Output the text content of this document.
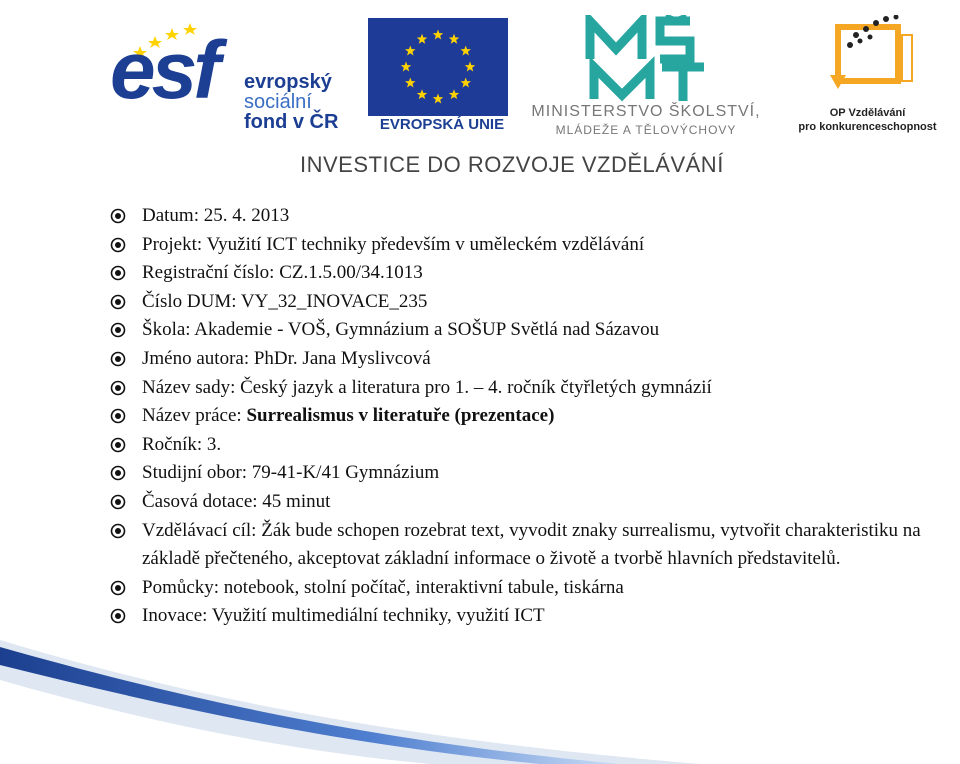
esf evropský
sociální
fond v ČR	EVROPSKÁ UNIE
MINISTERSTVO ŠKOLSTVÍ,
MLÁDEŽE A TĚLOVÝCHOVY
OP Vzdělávání
pro konkurenceschopnost
INVESTICE DO ROZVOJE VZDĚLÁVÁNÍ
Datum: 25. 4. 2013
Projekt: Využití ICT techniky především v uměleckém vzdělávání
Registrační číslo: CZ.1.5.00/34.1013
Číslo DUM: VY_32_INOVACE_235
Škola: Akademie - VOŠ, Gymnázium a SOŠUP Světlá nad Sázavou
Jméno autora: PhDr. Jana Myslivcová
Název sady: Český jazyk a literatura pro 1. – 4. ročník čtyřletých gymnázií
Název práce: Surrealismus v literatuře (prezentace)
Ročník: 3.
Studijní obor: 79-41-K/41 Gymnázium
Časová dotace: 45 minut
Vzdělávací cíl: Žák bude schopen rozebrat text, vyvodit znaky surrealismu, vytvořit charakteristiku na základě přečteného, akceptovat základní informace o životě a tvorbě hlavních představitelů.
Pomůcky: notebook, stolní počítač, interaktivní tabule, tiskárna
Inovace: Využití multimediální techniky, využití ICT
